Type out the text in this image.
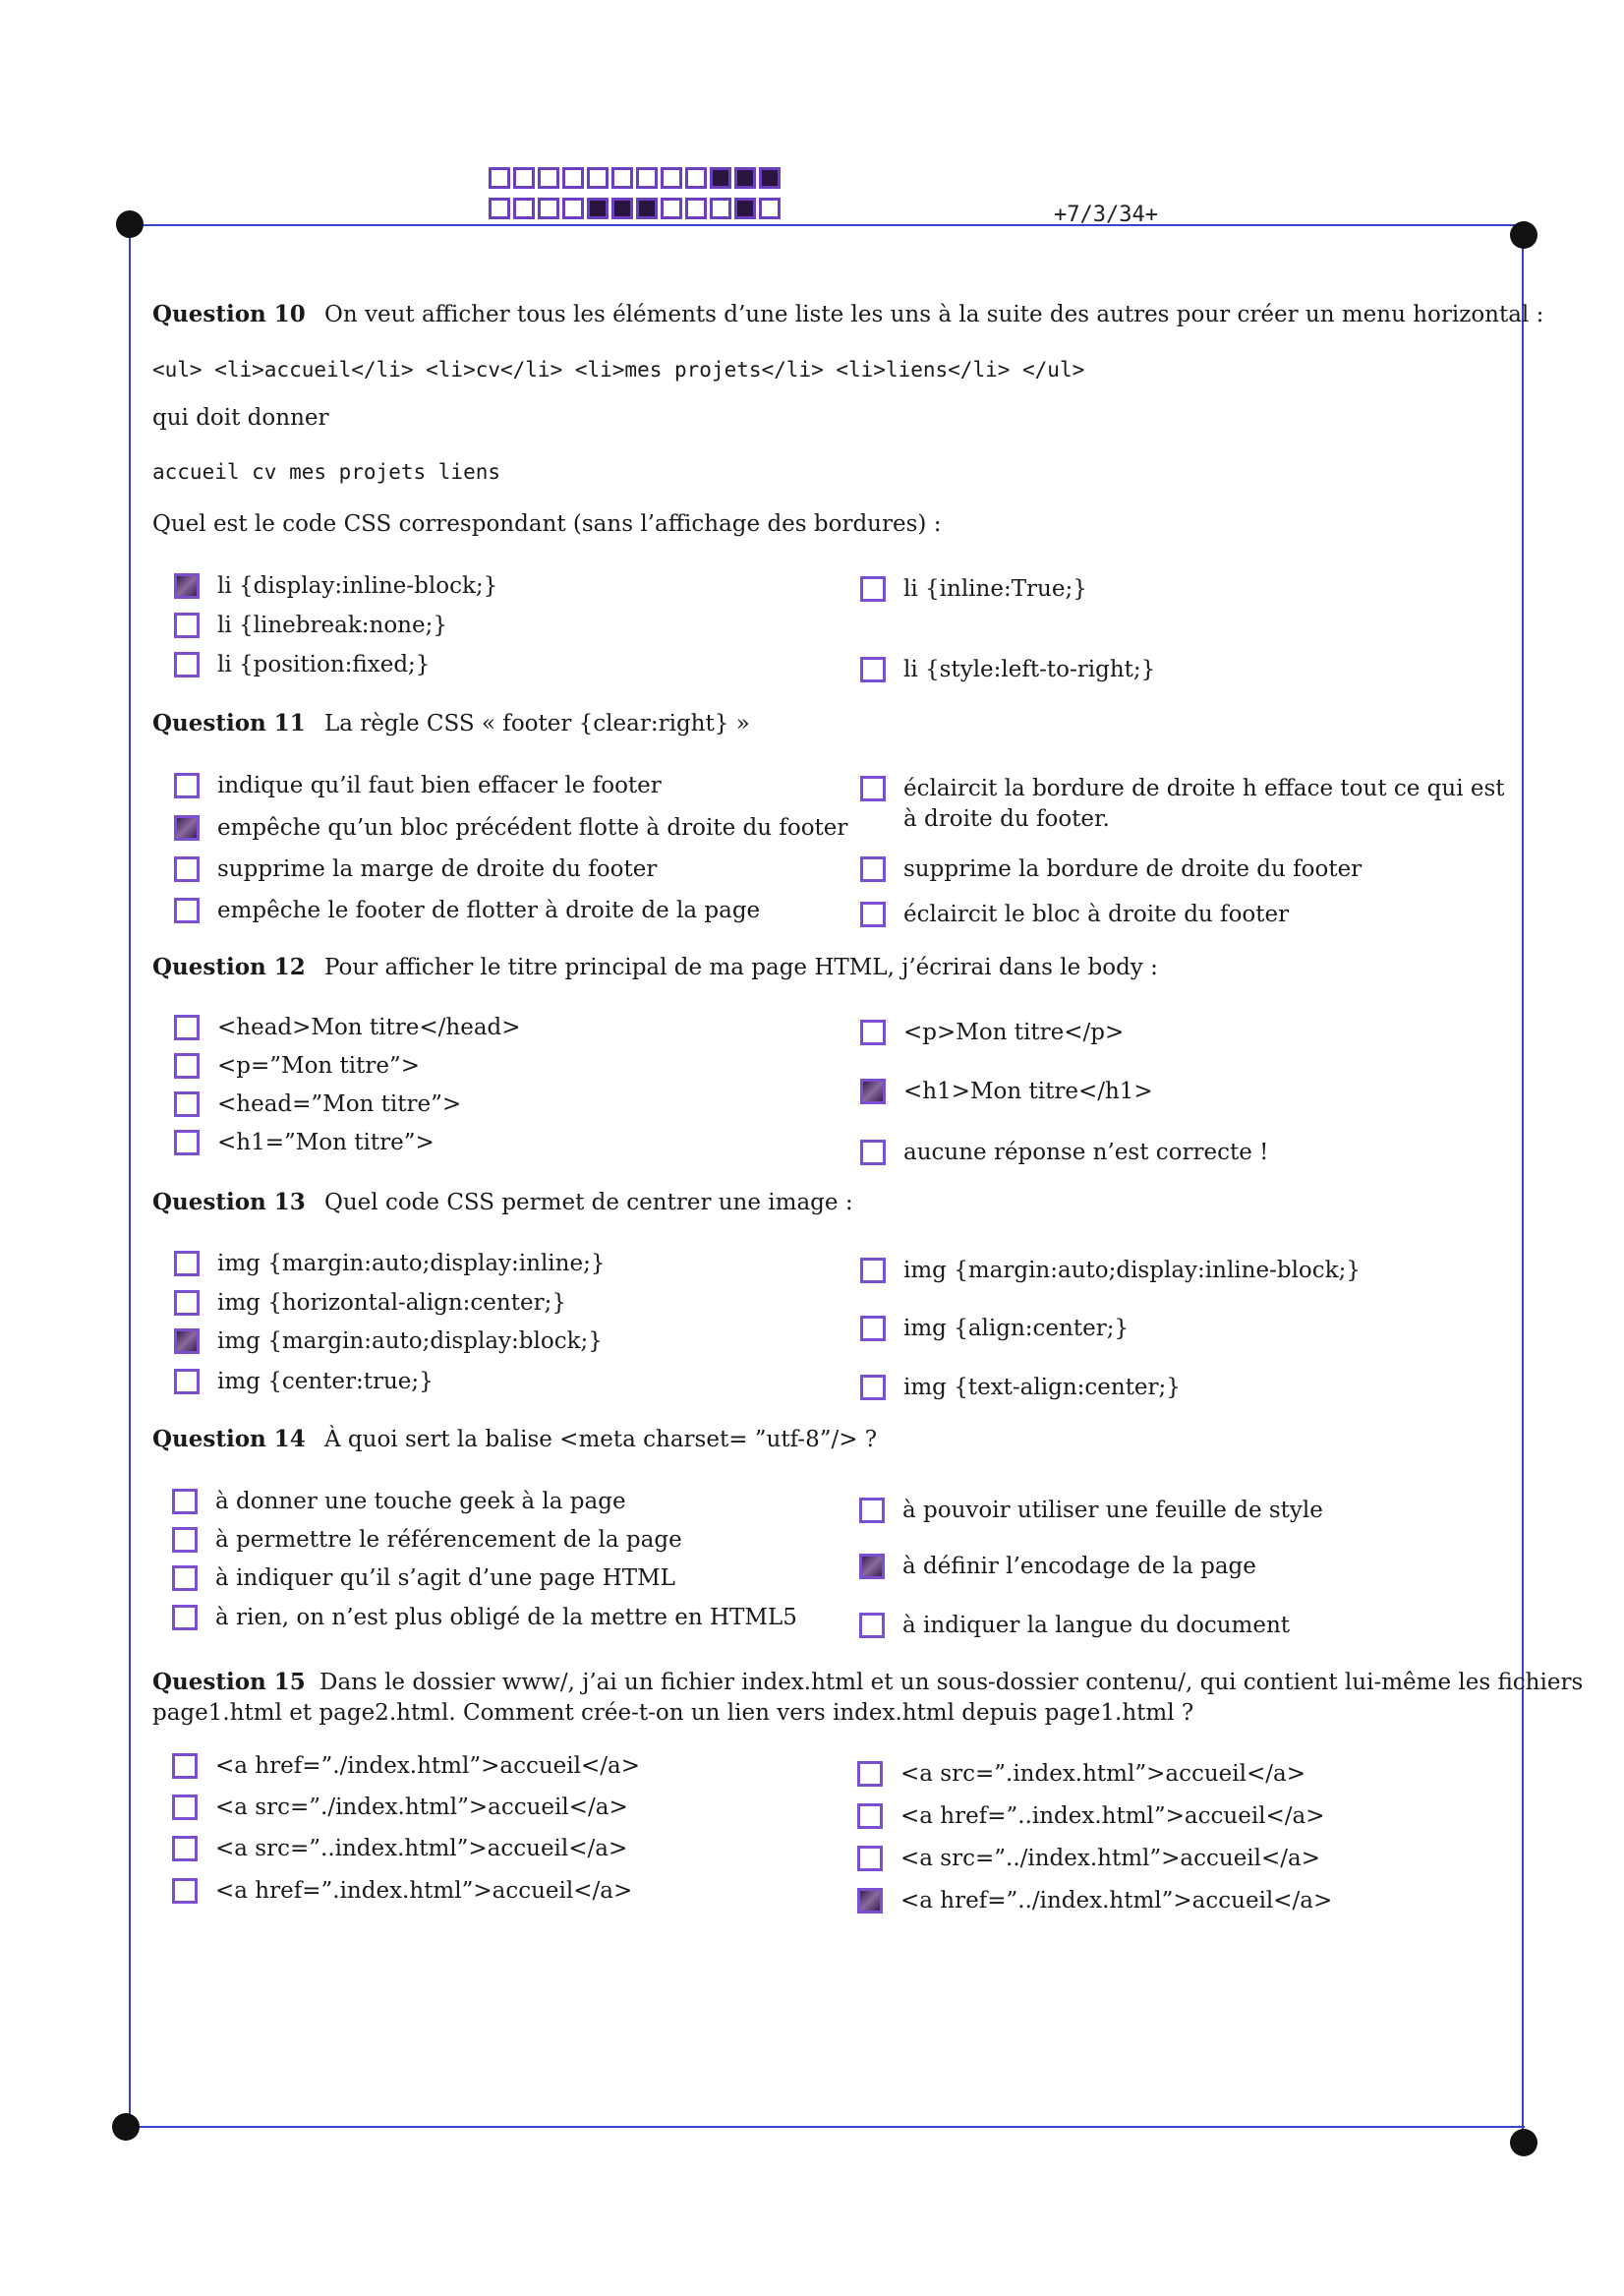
+7/3/34+
Question 10 On veut afficher tous les éléments d’une liste les uns à la suite des autres pour créer un menu horizontal :
<ul> <li>accueil</li> <li>cv</li> <li>mes projets</li> <li>liens</li> </ul>
qui doit donner
accueil cv mes projets liens
Quel est le code CSS correspondant (sans l’affichage des bordures) :
li {display:inline-block;}
li {linebreak:none;}
li {position:fixed;}
li {inline:True;}
li {style:left-to-right;}
Question 11 La règle CSS « footer {clear:right} »
indique qu’il faut bien effacer le footer
empêche qu’un bloc précédent flotte à droite du footer
supprime la marge de droite du footer
empêche le footer de flotter à droite de la page
éclaircit la bordure de droite h efface tout ce qui est à droite du footer.
supprime la bordure de droite du footer
éclaircit le bloc à droite du footer
Question 12 Pour afficher le titre principal de ma page HTML, j’écrirai dans le body :
<head>Mon titre</head>
<p=”Mon titre”>
<head=”Mon titre”>
<h1=”Mon titre”>
<p>Mon titre</p>
<h1>Mon titre</h1>
aucune réponse n’est correcte !
Question 13 Quel code CSS permet de centrer une image :
img {margin:auto;display:inline;}
img {horizontal-align:center;}
img {margin:auto;display:block;}
img {center:true;}
img {margin:auto;display:inline-block;}
img {align:center;}
img {text-align:center;}
Question 14 À quoi sert la balise <meta charset= ”utf-8”/> ?
à donner une touche geek à la page
à permettre le référencement de la page
à indiquer qu’il s’agit d’une page HTML
à rien, on n’est plus obligé de la mettre en HTML5
à pouvoir utiliser une feuille de style
à définir l’encodage de la page
à indiquer la langue du document
Question 15 Dans le dossier www/, j’ai un fichier index.html et un sous-dossier contenu/, qui contient lui-même les fichiers
page1.html et page2.html. Comment crée-t-on un lien vers index.html depuis page1.html ?
<a href=”./index.html”>accueil</a>
<a src=”./index.html”>accueil</a>
<a src=”..index.html”>accueil</a>
<a href=”.index.html”>accueil</a>
<a src=”.index.html”>accueil</a>
<a href=”..index.html”>accueil</a>
<a src=”../index.html”>accueil</a>
<a href=”../index.html”>accueil</a>
